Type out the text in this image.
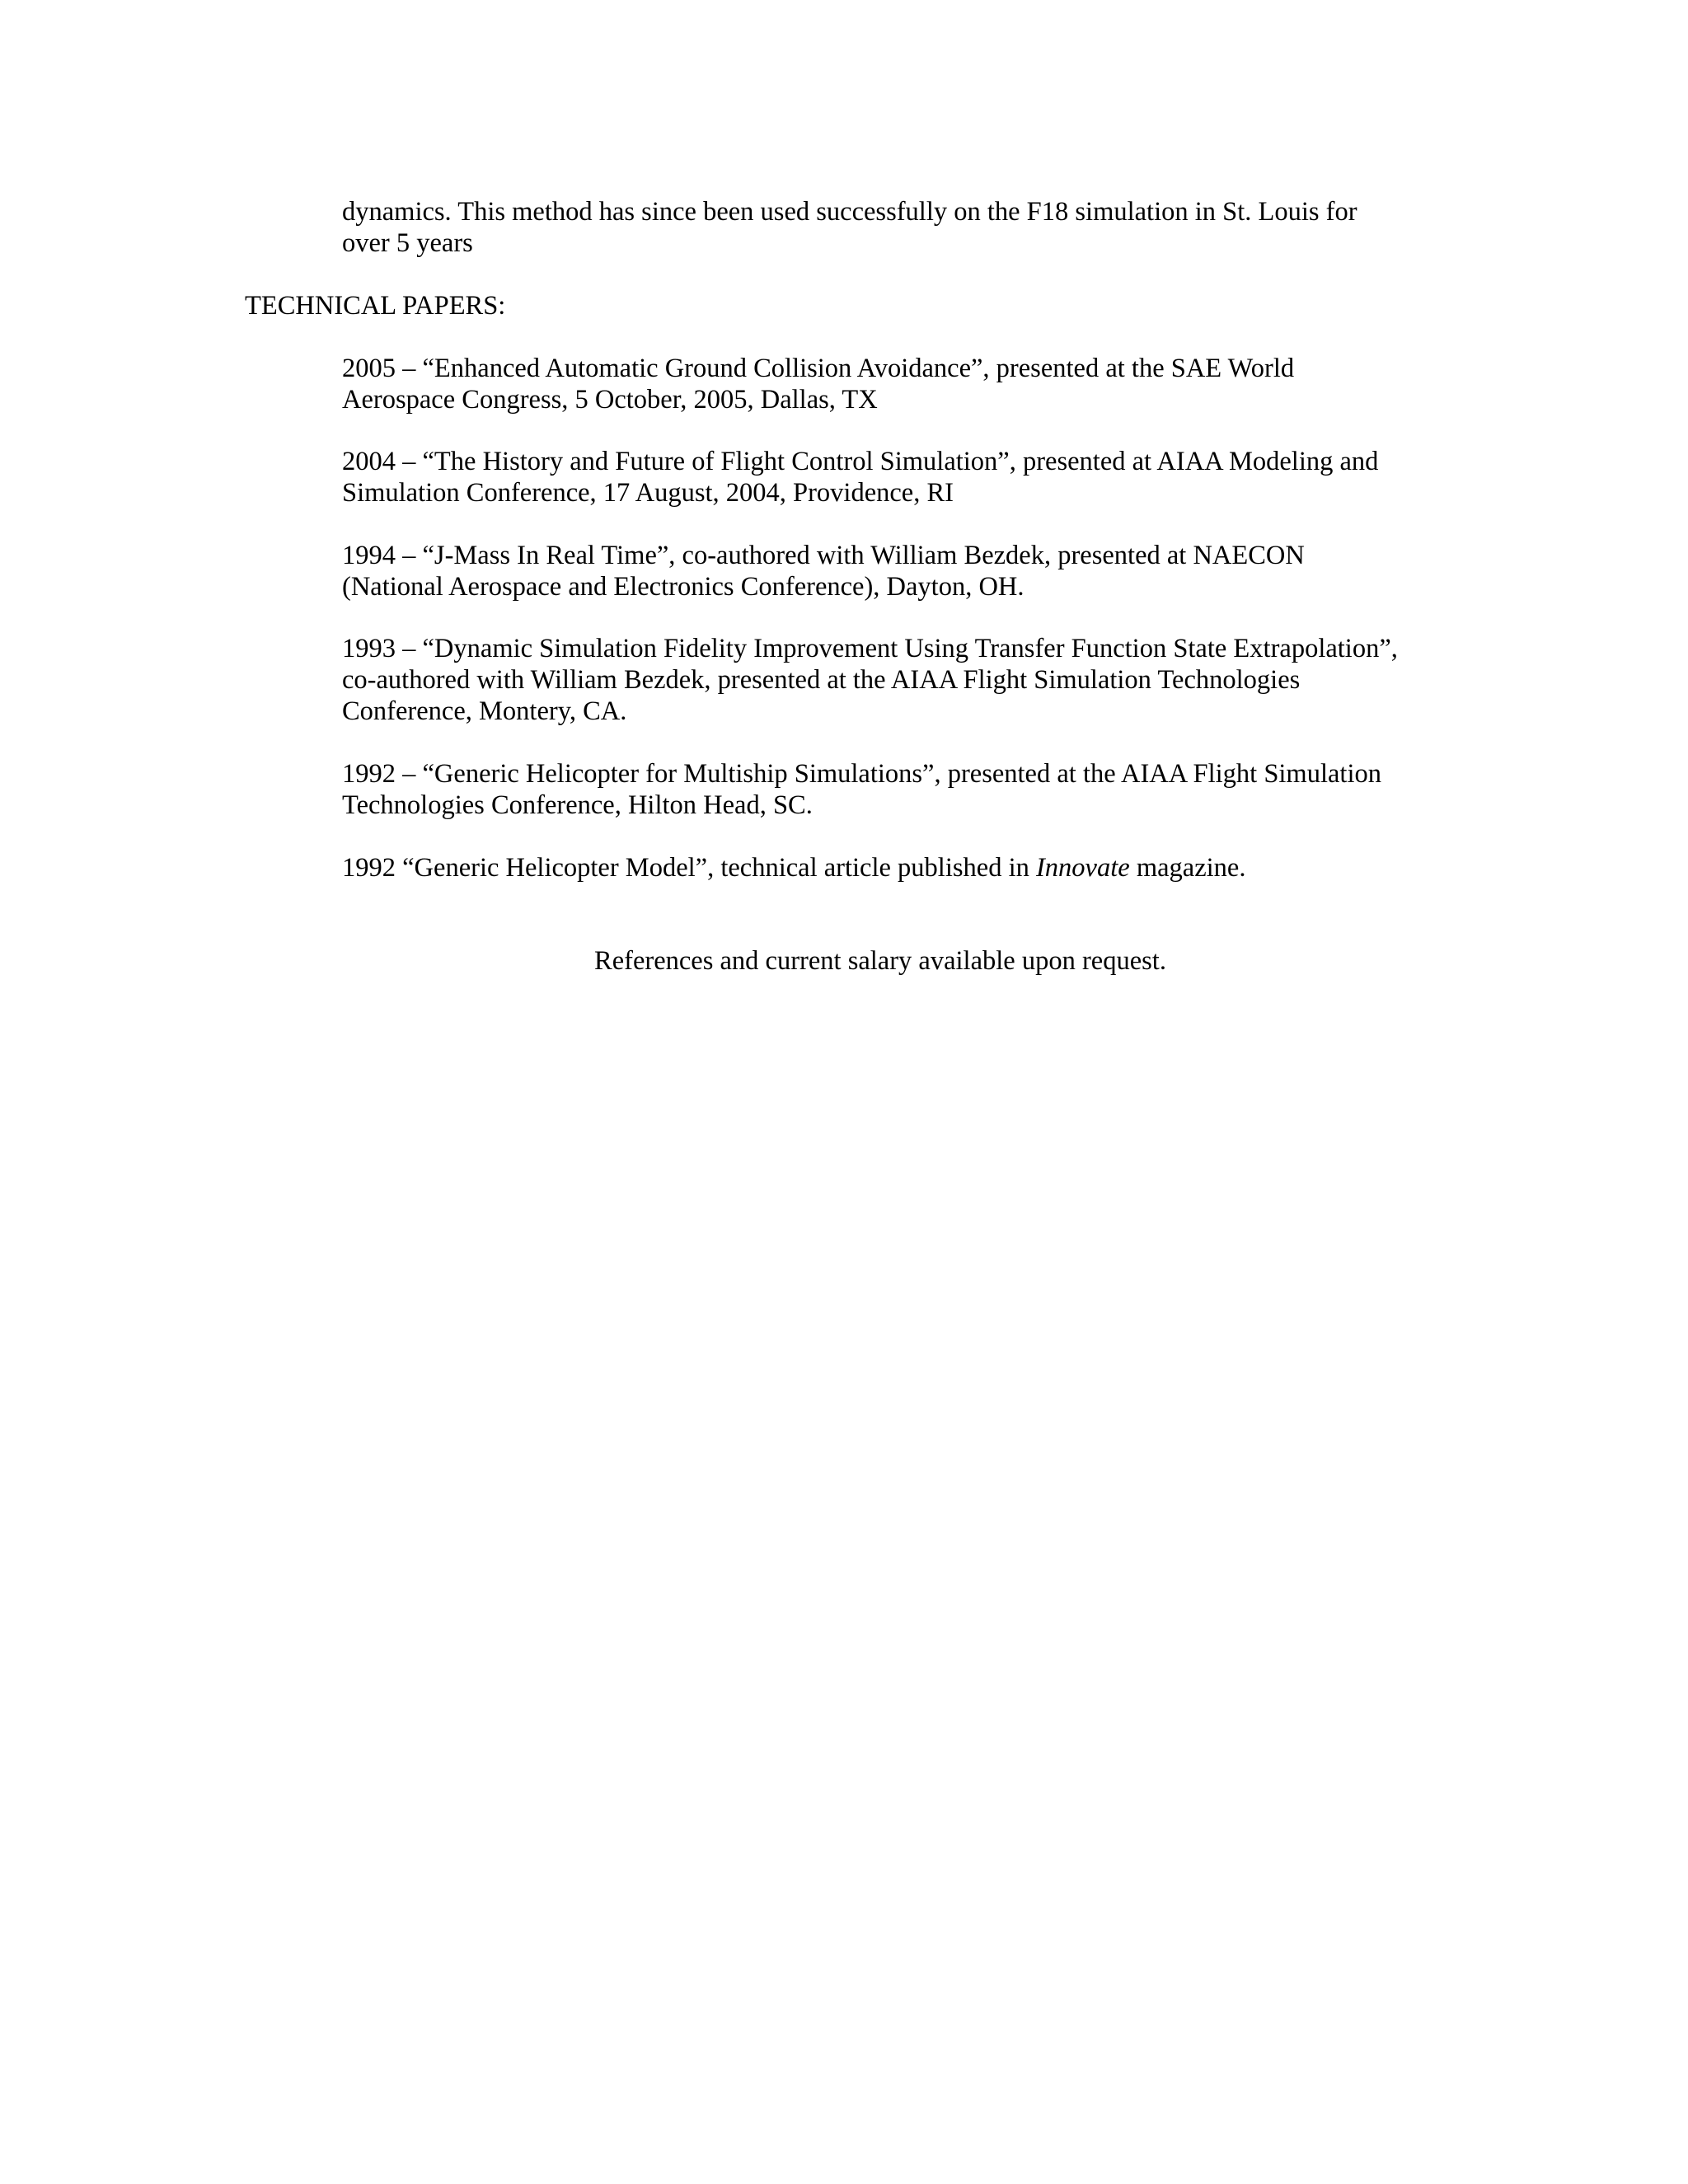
dynamics. This method has since been used successfully on the F18 simulation in St. Louis for
over 5 years

TECHNICAL PAPERS:

2005 – “Enhanced Automatic Ground Collision Avoidance”, presented at the SAE World
Aerospace Congress, 5 October, 2005, Dallas, TX

2004 – “The History and Future of Flight Control Simulation”, presented at AIAA Modeling and
Simulation Conference, 17 August, 2004, Providence, RI

1994 – “J-Mass In Real Time”, co-authored with William Bezdek, presented at NAECON
(National Aerospace and Electronics Conference), Dayton, OH.

1993 – “Dynamic Simulation Fidelity Improvement Using Transfer Function State Extrapolation”,
co-authored with William Bezdek, presented at the AIAA Flight Simulation Technologies
Conference, Montery, CA.

1992 – “Generic Helicopter for Multiship Simulations”, presented at the AIAA Flight Simulation
Technologies Conference, Hilton Head, SC.

1992 “Generic Helicopter Model”, technical article published in Innovate magazine.

References and current salary available upon request.
